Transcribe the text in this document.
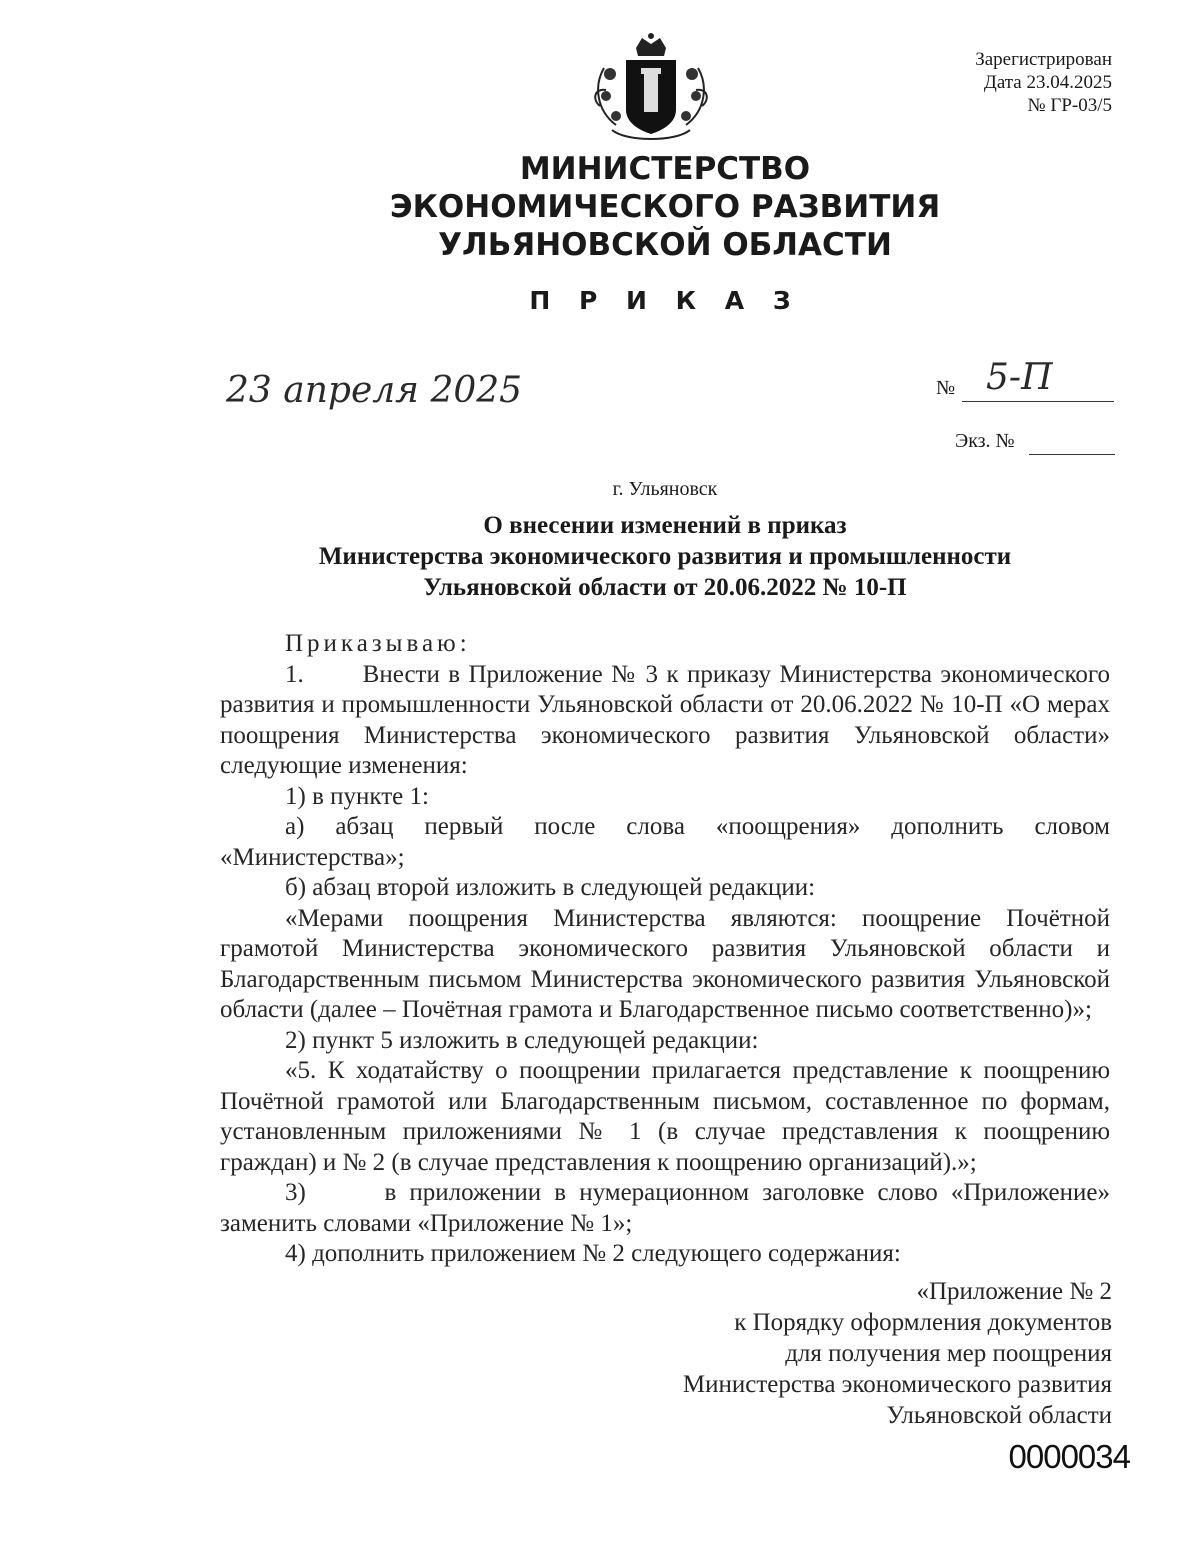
Зарегистрирован
Дата 23.04.2025
№ ГР-03/5
МИНИСТЕРСТВО
ЭКОНОМИЧЕСКОГО РАЗВИТИЯ
УЛЬЯНОВСКОЙ ОБЛАСТИ
П Р И К А З
23 апреля 2025	№ 5-П
Экз. №
г. Ульяновск
О внесении изменений в приказ
Министерства экономического развития и промышленности
Ульяновской области от 20.06.2022 № 10-П

Приказываю:

1.       Внести в Приложение № 3 к приказу Министерства экономического развития и промышленности Ульяновской области от 20.06.2022 № 10-П «О мерах поощрения Министерства экономического развития Ульяновской области» следующие изменения:

1) в пункте 1:

а) абзац первый после слова «поощрения» дополнить словом «Министерства»;

б) абзац второй изложить в следующей редакции:

«Мерами поощрения Министерства являются: поощрение Почётной грамотой Министерства экономического развития Ульяновской области и Благодарственным письмом Министерства экономического развития Ульяновской области (далее – Почётная грамота и Благодарственное письмо соответственно)»;

2) пункт 5 изложить в следующей редакции:

«5. К ходатайству о поощрении прилагается представление к поощрению Почётной грамотой или Благодарственным письмом, составленное по формам, установленным приложениями № 1 (в случае представления к поощрению граждан) и № 2 (в случае представления к поощрению организаций).»;

3)      в приложении в нумерационном заголовке слово «Приложение» заменить словами «Приложение № 1»;

4) дополнить приложением № 2 следующего содержания:

«Приложение № 2
к Порядку оформления документов
для получения мер поощрения
Министерства экономического развития
Ульяновской области
0000034
